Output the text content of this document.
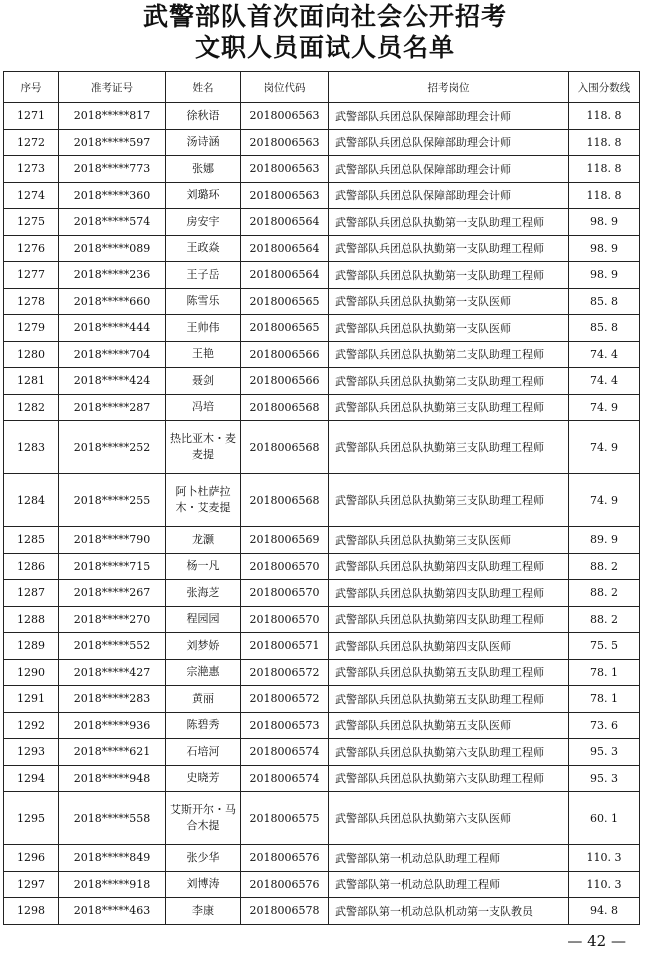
武警部队首次面向社会公开招考
文职人员面试人员名单
序号	准考证号	姓名	岗位代码	招考岗位	入围分数线
1271	2018*****817	徐秋语	2018006563	武警部队兵团总队保障部助理会计师	118. 8
1272	2018*****597	汤诗涵	2018006563	武警部队兵团总队保障部助理会计师	118. 8
1273	2018*****773	张娜	2018006563	武警部队兵团总队保障部助理会计师	118. 8
1274	2018*****360	刘璐环	2018006563	武警部队兵团总队保障部助理会计师	118. 8
1275	2018*****574	房安宇	2018006564	武警部队兵团总队执勤第一支队助理工程师	98. 9
1276	2018*****089	王政焱	2018006564	武警部队兵团总队执勤第一支队助理工程师	98. 9
1277	2018*****236	王子岳	2018006564	武警部队兵团总队执勤第一支队助理工程师	98. 9
1278	2018*****660	陈雪乐	2018006565	武警部队兵团总队执勤第一支队医师	85. 8
1279	2018*****444	王帅伟	2018006565	武警部队兵团总队执勤第一支队医师	85. 8
1280	2018*****704	王艳	2018006566	武警部队兵团总队执勤第二支队助理工程师	74. 4
1281	2018*****424	聂剑	2018006566	武警部队兵团总队执勤第二支队助理工程师	74. 4
1282	2018*****287	冯培	2018006568	武警部队兵团总队执勤第三支队助理工程师	74. 9
1283	2018*****252	热比亚木・麦麦提	2018006568	武警部队兵团总队执勤第三支队助理工程师	74. 9
1284	2018*****255	阿卜杜萨拉木・艾麦提	2018006568	武警部队兵团总队执勤第三支队助理工程师	74. 9
1285	2018*****790	龙灏	2018006569	武警部队兵团总队执勤第三支队医师	89. 9
1286	2018*****715	杨一凡	2018006570	武警部队兵团总队执勤第四支队助理工程师	88. 2
1287	2018*****267	张海芝	2018006570	武警部队兵团总队执勤第四支队助理工程师	88. 2
1288	2018*****270	程园园	2018006570	武警部队兵团总队执勤第四支队助理工程师	88. 2
1289	2018*****552	刘梦娇	2018006571	武警部队兵团总队执勤第四支队医师	75. 5
1290	2018*****427	宗滟惠	2018006572	武警部队兵团总队执勤第五支队助理工程师	78. 1
1291	2018*****283	黄丽	2018006572	武警部队兵团总队执勤第五支队助理工程师	78. 1
1292	2018*****936	陈碧秀	2018006573	武警部队兵团总队执勤第五支队医师	73. 6
1293	2018*****621	石培河	2018006574	武警部队兵团总队执勤第六支队助理工程师	95. 3
1294	2018*****948	史晓芳	2018006574	武警部队兵团总队执勤第六支队助理工程师	95. 3
1295	2018*****558	艾斯开尔・马合木提	2018006575	武警部队兵团总队执勤第六支队医师	60. 1
1296	2018*****849	张少华	2018006576	武警部队第一机动总队助理工程师	110. 3
1297	2018*****918	刘博涛	2018006576	武警部队第一机动总队助理工程师	110. 3
1298	2018*****463	李康	2018006578	武警部队第一机动总队机动第一支队教员	94. 8
— 42 —
